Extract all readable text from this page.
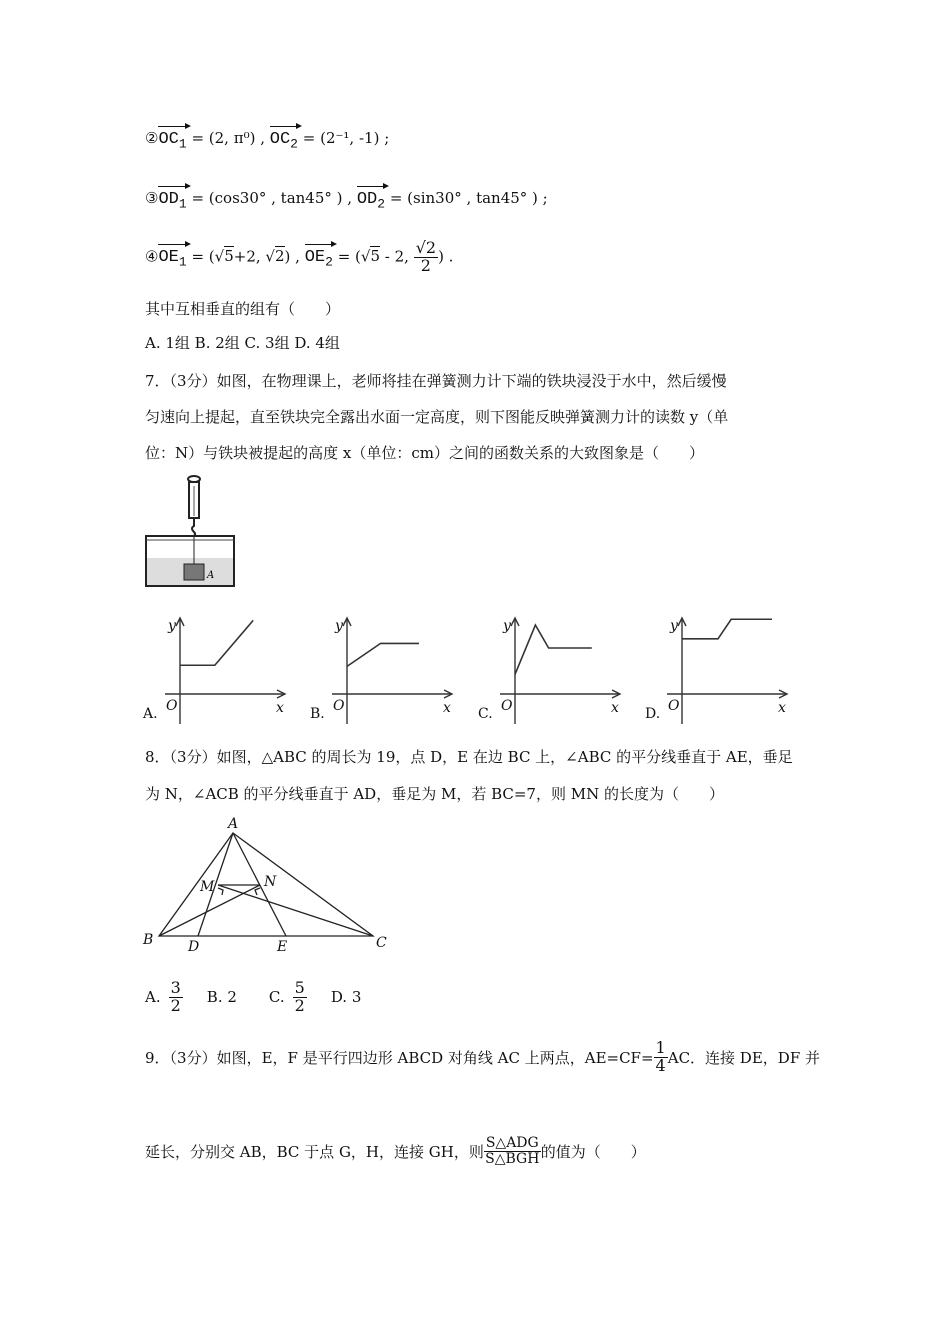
$②OC_1 = (2$, π⁰) , $OC_2 = (2^{-1}$, -1) ;
$③OD_1 = (\cos 30^\circ$ , tan45° ) , $OD_2 = (\sin 30^\circ$ , tan45° ) ;
$④OE_1 = (√5+2$, √2) , $OE_2 = (√5 - 2$, $\frac{√2}{2}$ ) .
其中互相垂直的组有（　　）
A. 1组 B. 2组 C. 3组 D. 4组
7．（3分）如图，在物理课上，老师将挂在弹簧测力计下端的铁块浸没于水中，然后缓慢
匀速向上提起，直至铁块完全露出水面一定高度，则下图能反映弹簧测力计的读数 y（单
位：N）与铁块被提起的高度 x（单位：cm）之间的函数关系的大致图象是（　　）
A
A.
y
x
O	B.
y
x
O	C.
y
x
O	D.
y
x
O
8．（3分）如图，△ABC 的周长为 19，点 D，E 在边 BC 上，∠ABC 的平分线垂直于 AE，垂足
为 N，∠ACB 的平分线垂直于 AD，垂足为 M，若 BC=7，则 MN 的长度为（　　）
A
B	C
D	E
M	N
A. $\frac{3}{2} B$. 2 C. $\frac{5}{2} D$. 3
9．（3分）如图，E，F 是平行四边形 ABCD 对角线 AC 上两点，$AE=CF= \frac{1}{4}$ AC．连接 DE，DF 并
延长，分别交 AB，BC 于点 G，H，连接 GH，则 $\frac{\text{S△ADG}}{\text{S△BGH}}$ 的值为（　　）
